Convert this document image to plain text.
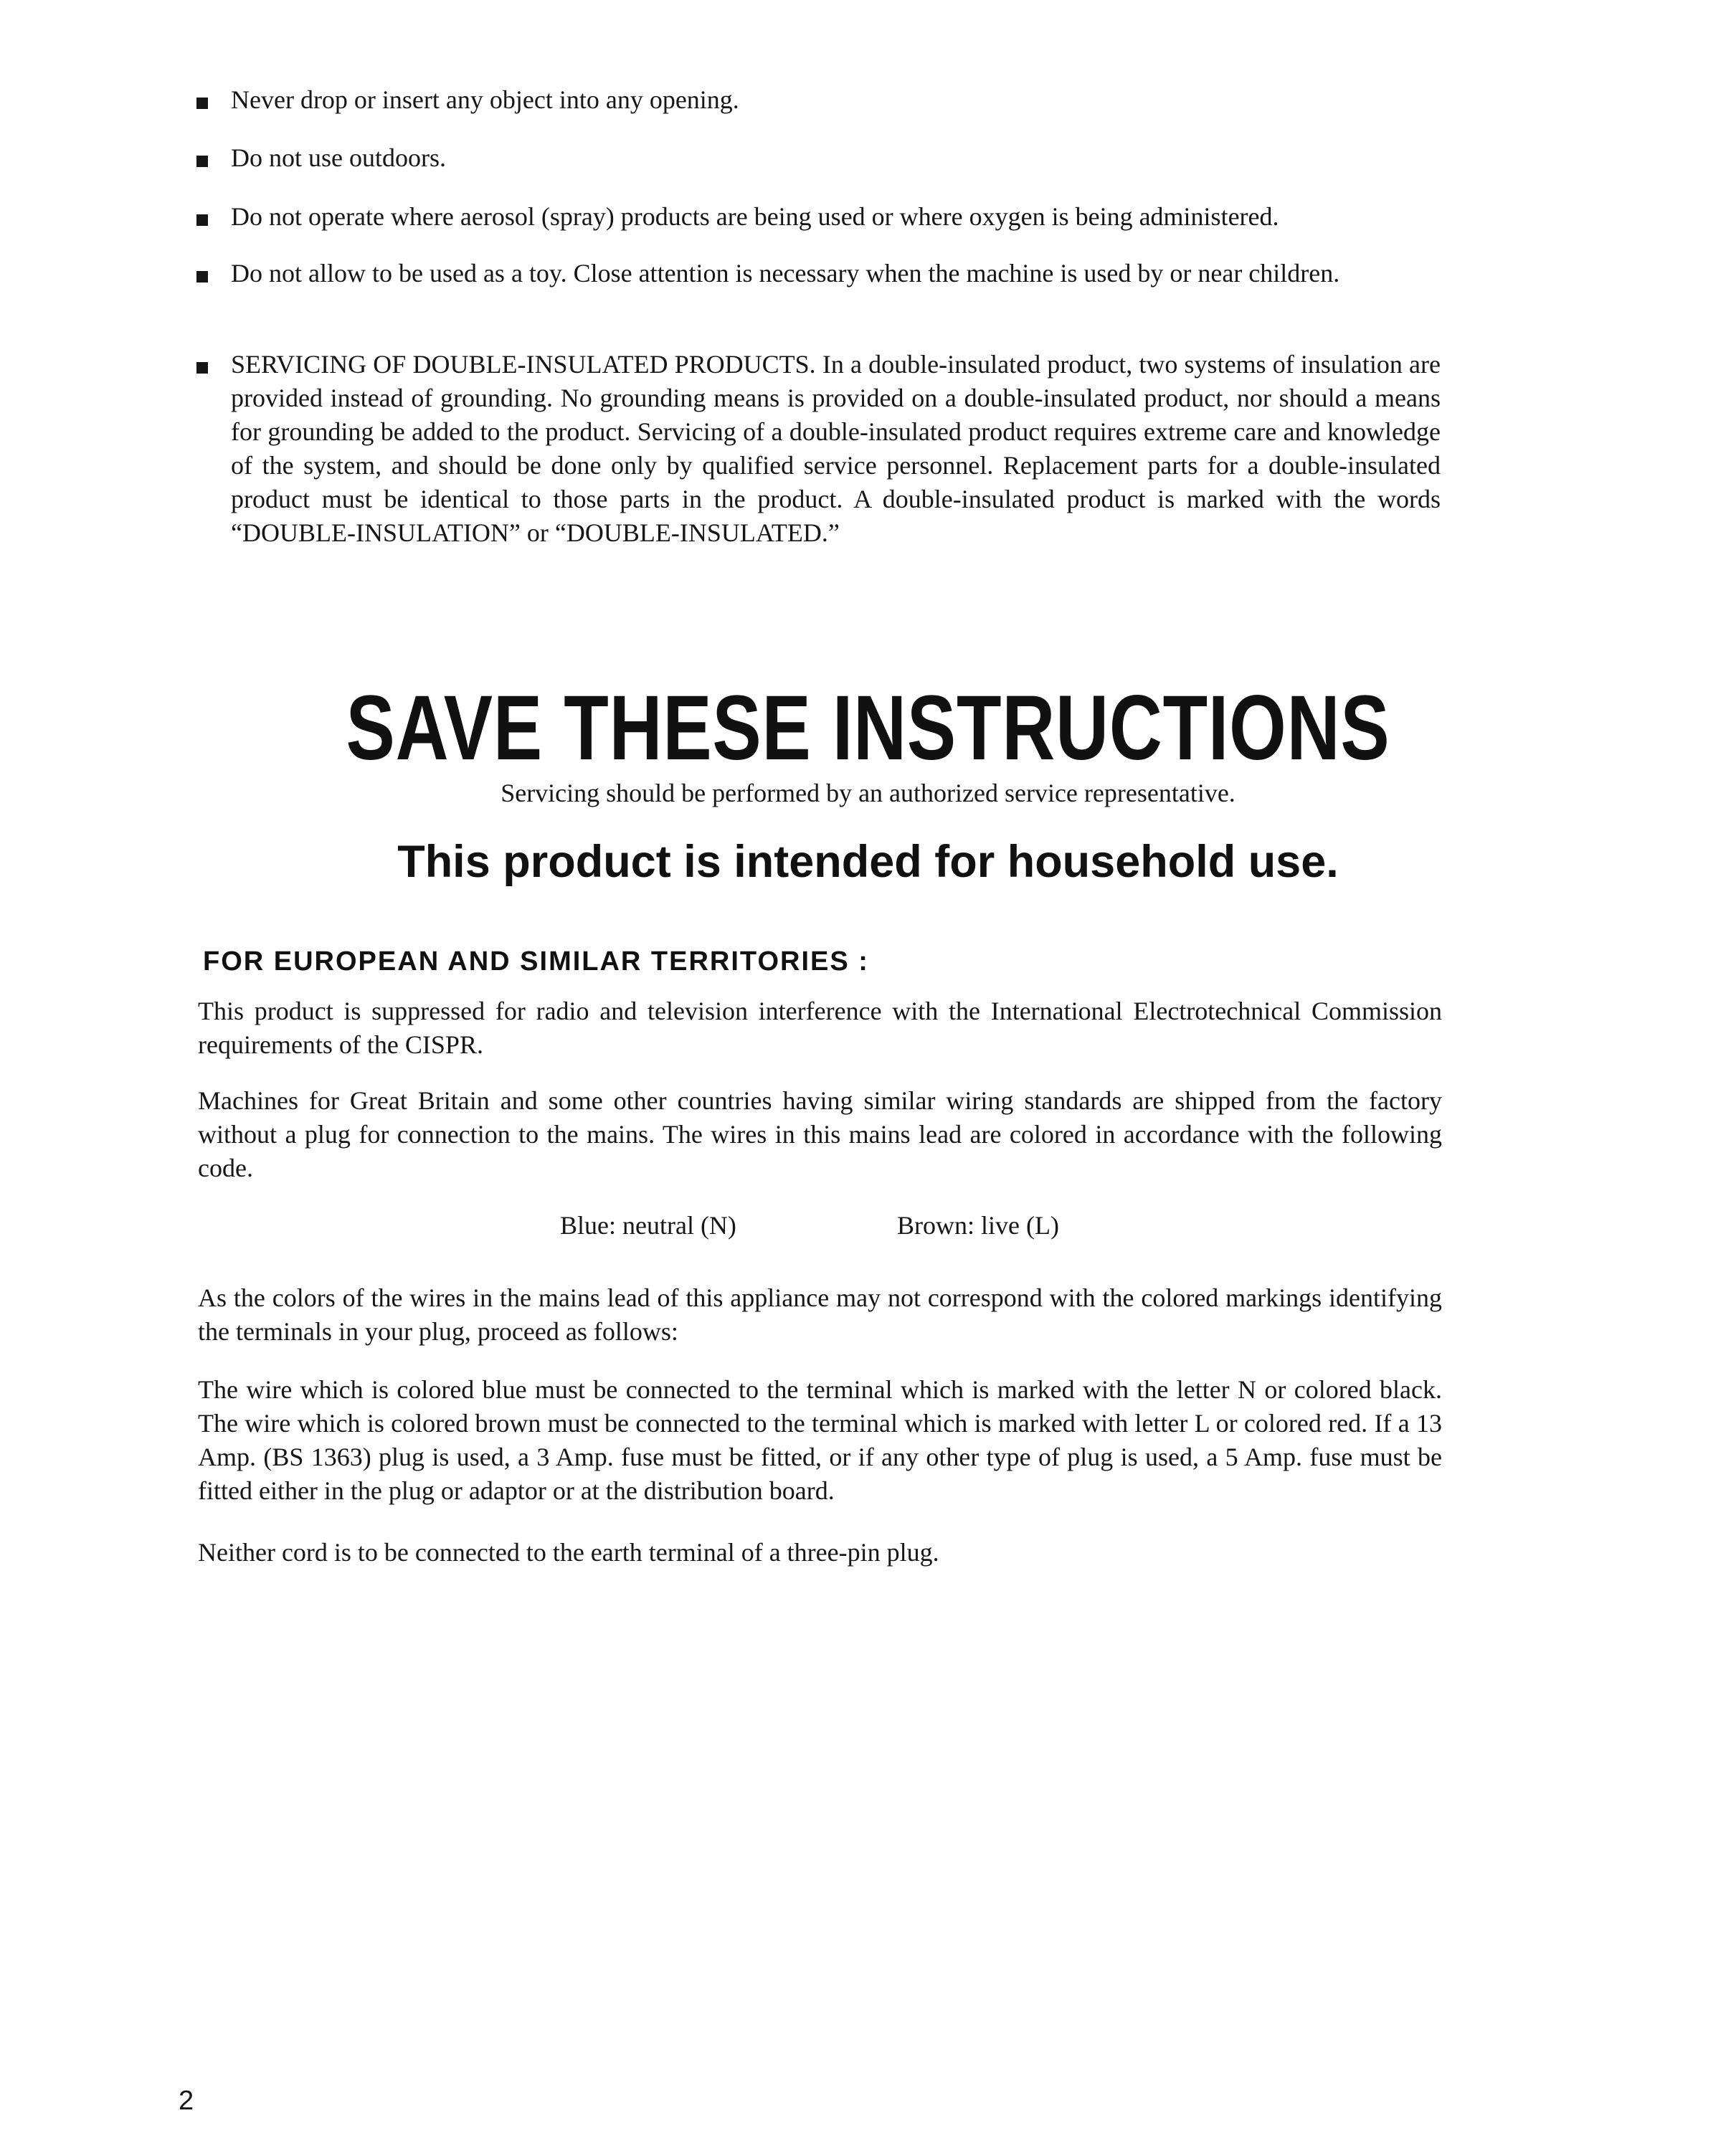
Never drop or insert any object into any opening.
Do not use outdoors.
Do not operate where aerosol (spray) products are being used or where oxygen is being administered.
Do not allow to be used as a toy. Close attention is necessary when the machine is used by or near children.
SERVICING OF DOUBLE-INSULATED PRODUCTS. In a double-insulated product, two systems of insulation are provided instead of grounding. No grounding means is provided on a double-insulated product, nor should a means for grounding be added to the product. Servicing of a double-insulated product requires extreme care and knowledge of the system, and should be done only by qualified service personnel. Replacement parts for a double-insulated product must be identical to those parts in the product. A double-insulated product is marked with the words “DOUBLE-INSULATION” or “DOUBLE-INSULATED.”
SAVE THESE INSTRUCTIONS
Servicing should be performed by an authorized service representative.
This product is intended for household use.
FOR EUROPEAN AND SIMILAR TERRITORIES :
This product is suppressed for radio and television interference with the International Electrotechnical Commission requirements of the CISPR.
Machines for Great Britain and some other countries having similar wiring standards are shipped from the factory without a plug for connection to the mains. The wires in this mains lead are colored in accordance with the following code.
Blue: neutral (N)	Brown: live (L)
As the colors of the wires in the mains lead of this appliance may not correspond with the colored markings identifying the terminals in your plug, proceed as follows:
The wire which is colored blue must be connected to the terminal which is marked with the letter N or colored black. The wire which is colored brown must be connected to the terminal which is marked with letter L or colored red. If a 13 Amp. (BS 1363) plug is used, a 3 Amp. fuse must be fitted, or if any other type of plug is used, a 5 Amp. fuse must be fitted either in the plug or adaptor or at the distribution board.
Neither cord is to be connected to the earth terminal of a three-pin plug.
2
